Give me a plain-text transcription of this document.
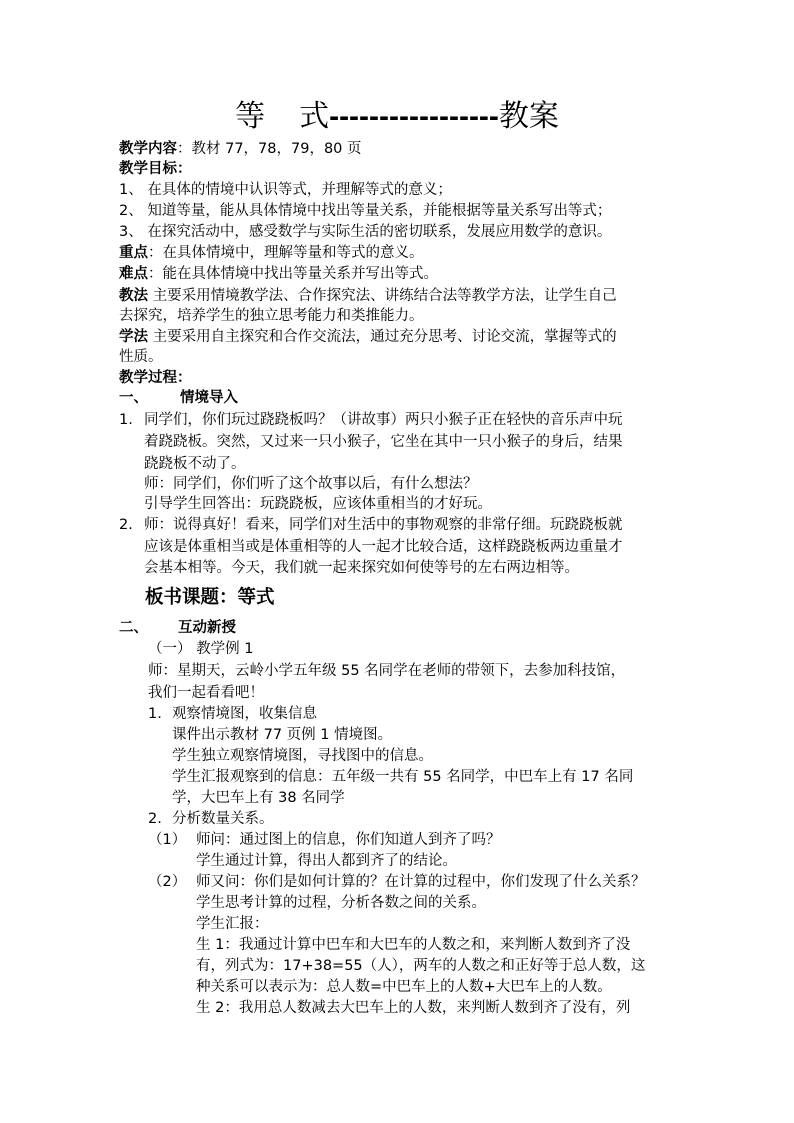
等 式-----------------教案
教学内容：教材 77，78，79，80 页
教学目标：
1、 在具体的情境中认识等式，并理解等式的意义；
2、 知道等量，能从具体情境中找出等量关系，并能根据等量关系写出等式；
3、 在探究活动中，感受数学与实际生活的密切联系，发展应用数学的意识。
重点：在具体情境中，理解等量和等式的意义。
难点：能在具体情境中找出等量关系并写出等式。
教法 主要采用情境教学法、合作探究法、讲练结合法等教学方法，让学生自己
去探究，培养学生的独立思考能力和类推能力。
学法 主要采用自主探究和合作交流法，通过充分思考、讨论交流，掌握等式的
性质。
教学过程：
一、 情境导入
1. 同学们，你们玩过跷跷板吗？（讲故事）两只小猴子正在轻快的音乐声中玩
着跷跷板。突然，又过来一只小猴子，它坐在其中一只小猴子的身后，结果
跷跷板不动了。
师：同学们，你们听了这个故事以后，有什么想法？
引导学生回答出：玩跷跷板，应该体重相当的才好玩。
2. 师：说得真好！看来，同学们对生活中的事物观察的非常仔细。玩跷跷板就
应该是体重相当或是体重相等的人一起才比较合适，这样跷跷板两边重量才
会基本相等。今天，我们就一起来探究如何使等号的左右两边相等。
板书课题：等式
二、 互动新授
（一） 教学例 1
师：星期天，云岭小学五年级 55 名同学在老师的带领下，去参加科技馆，
我们一起看看吧！
1. 观察情境图，收集信息
课件出示教材 77 页例 1 情境图。
学生独立观察情境图，寻找图中的信息。
学生汇报观察到的信息：五年级一共有 55 名同学，中巴车上有 17 名同
学，大巴车上有 38 名同学
2. 分析数量关系。
（1） 师问：通过图上的信息，你们知道人到齐了吗？
学生通过计算，得出人都到齐了的结论。
（2） 师又问：你们是如何计算的？在计算的过程中，你们发现了什么关系？
学生思考计算的过程，分析各数之间的关系。
学生汇报：
生 1：我通过计算中巴车和大巴车的人数之和，来判断人数到齐了没
有，列式为：17+38=55（人），两车的人数之和正好等于总人数，这
种关系可以表示为：总人数=中巴车上的人数+大巴车上的人数。
生 2：我用总人数减去大巴车上的人数，来判断人数到齐了没有，列
